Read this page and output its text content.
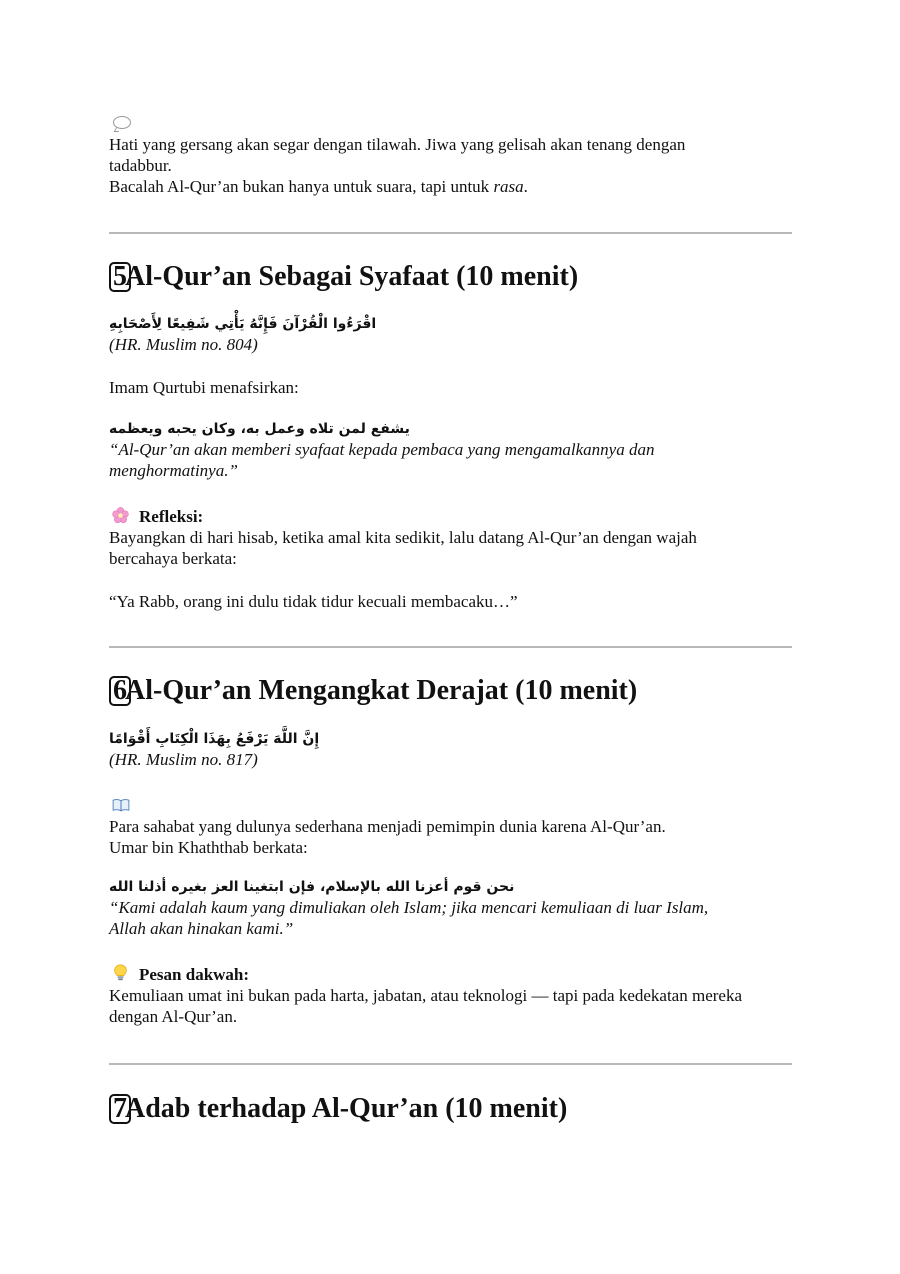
Hati yang gersang akan segar dengan tilawah. Jiwa yang gelisah akan tenang dengan

tadabbur.

Bacalah Al-Qur’an bukan hanya untuk suara, tapi untuk rasa.

5Al-Qur’an Sebagai Syafaat (10 menit)

اقْرَءُوا الْقُرْآنَ فَإِنَّهُ يَأْتِي شَفِيعًا لِأَصْحَابِهِ

(HR. Muslim no. 804)

Imam Qurtubi menafsirkan:

يشفع لمن تلاه وعمل به، وكان يحبه ويعظمه

“Al-Qur’an akan memberi syafaat kepada pembaca yang mengamalkannya dan

menghormatinya.”

Refleksi:

Bayangkan di hari hisab, ketika amal kita sedikit, lalu datang Al-Qur’an dengan wajah

bercahaya berkata:

“Ya Rabb, orang ini dulu tidak tidur kecuali membacaku…”

6Al-Qur’an Mengangkat Derajat (10 menit)

إِنَّ اللَّهَ يَرْفَعُ بِهَذَا الْكِتَابِ أَقْوَامًا

(HR. Muslim no. 817)

Para sahabat yang dulunya sederhana menjadi pemimpin dunia karena Al-Qur’an.

Umar bin Khaththab berkata:

نحن قوم أعزنا الله بالإسلام، فإن ابتغينا العز بغيره أذلنا الله

“Kami adalah kaum yang dimuliakan oleh Islam; jika mencari kemuliaan di luar Islam,

Allah akan hinakan kami.”

Pesan dakwah:

Kemuliaan umat ini bukan pada harta, jabatan, atau teknologi — tapi pada kedekatan mereka

dengan Al-Qur’an.

7Adab terhadap Al-Qur’an (10 menit)
